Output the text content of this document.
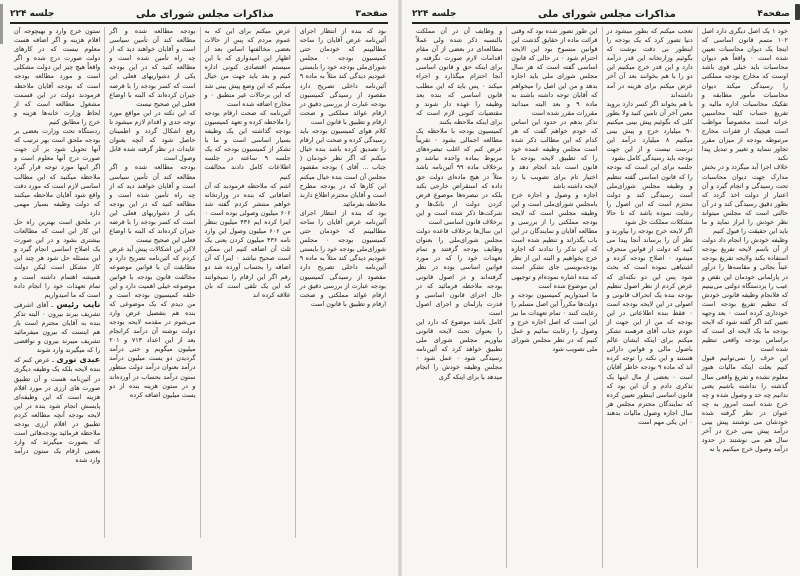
صفحه۳
مذاکرات مجلس شورای ملی
جلسه ۲۲۴

بود که بنده از انتظار اجرای آئین‌نامه عرض آقایان را ساحه مطالبینم که خودمان حتی کمیسیون بودجه ۰ مجلس شورای‌ملی بودجه خود را بایستی عبودیم دیدگی کند مثلاً به ماده ۹ آئین‌نامه داخلی تصریح دارد مقصود از رسیدگی کمیسیون بودجه عبارت از بررسی دقیق در ارقام عوائد مملکتی و صحت ارقام و تطبیق با قانون است

کلام هوای کمیسیون بودجه باید رسیدگی کرده و صحت این ارقام را تصدیق کرده باشد بنده خیال میکنم که اگر نظر خودمان ( جناب ... آقای ) بودجه مقصود مجلس آن است بنده خیال میکنم این کارها که در بودجه مطرح است و آقایان محترم اطلاع دارند ملاحظه بفرمائید

بود که بنده از انتظار اجرای آئین‌نامه عرض آقایان را ساحه مطالبینم که خودمان حتی کمیسیون بودجه ۰ مجلس شورای‌ملی بودجه خود را بایستی عبودیم دیدگی کند مثلاً به ماده ۹ آئین‌نامه داخلی تصریح دارد مقصود از رسیدگی کمیسیون بودجه عبارت از بررسی دقیق در ارقام عوائد مملکتی و صحت ارقام و تطبیق با قانون است

عرض میکنم برای این که به عموم مردم که پس از حالات بعضی مخالفتها اساس بعد از اظهار این امیدواری که با این سیستم اقتصادی کنونی اداره کنیم و بعد باید جهت من خیال میکنم که این وضع پیش بینی شد که این برحالات غیر منطبق ۰ و مخارج اضافه شده است

آئین‌نامه که صحت ارقام بودجه را ملاحظه کرده و تعهد کمیسیون بودجه گذاشته این یک وظیفه بسیار اساسی است و ما با تشکر از کمیسیون بودجه که یک جلسه ۹ ساعته در جلسه اطلاعات کامل دادند مخالفت کنیم

اشم که ملاحظه فرمودید که آن اضافاتی که بنده در وزارتخانه خواهم منتشر کردم گفته شد ۶۰۶ میلیون وصولی بوده است ۰ اینرا کرده ایم ۴۳۶ میلیون بنظر من ۶۰۶ میلیون وصول این وارد نامه ۴۳۶ میلیون کردن یعنی یک ثلث آن اضافه کنیم این ممکن است صحیح نباشد ۰ اینرا که آن اضافه را بحساب آورده شد دو رقم اگر این ارقام را نمیخوانند که این یک تلقی است که بان علاقه کرده اند

بودجه مطالعه شده و اگر مطالعه کند آن تأمین سیاسی است و آقایان خواهند دید که از چه راه تأمین شده است و مطالعه کنید که در این بودجه یکی از دشواریهای فعلی این است که کسر بودجه را با قرضه جبران کرده‌اند که البته با اوضاع فعلی این صحیح نیست

که این نکته در این مواقع مورد توجه جدی و اقدام لازم میشود تا رفع اشکال گردد و اطمینان حاصل شود که آنچه بعنوان عایدات در نظر گرفته شده قابل وصول است

بودجه مطالعه شده و اگر مطالعه کند آن تأمین سیاسی است و آقایان خواهند دید که از چه راه تأمین شده است و مطالعه کنید که در این بودجه یکی از دشواریهای فعلی این است که کسر بودجه را با قرضه جبران کرده‌اند که البته با اوضاع فعلی این صحیح نیست

لاکن این اشکالات پیش آید عرض کردم که آئین‌نامه تصریح دارد و مطابقت آن با قوانین موضوعه مخالفت قانون بودجه با قوانین موضوعه خیلی اهمیت دارد و این حلقه کمیسیون بودجه است و من دیدم که یک موضوعی که بنده هم بتفصیل عرض وارد می‌شوم در مقدمه لایحه بودجه دولت نوشته آن درآمد کرانجام بعد از این اعداد ۷۱۳ و ۲۰۱ میلیون میگویم و حتی درآمد گردیدن دو یست میلیون درآمد درآمد بعنوان درآمد دولت منظور ستون درآمد بحساب در آورده‌اند و در ستون هزینه بنده از دو یست میلیون اضافه کرده

ستون خرج وارد و بهیچوجه آن اقلام هزینه و اگر اضافه هست معلوم نیست که در کارهای دولت صورت درج شده و اگر واقعاً هیچ چیز این دولت مشکلی است و مورد مطالعه بودجه است که بودجه آقایان ملاحظه فرمودند دولت در این قسمت مشغول مطالعه است که از لحاظ وزارت خانه‌ها هزینه و خرج را مطابق کنیم

ردستگاه تحت وزارت بعضی بر بودجه ملحق است بهر ترتیب که آنها تحویل شود بر آن جهت صورت درج آنها معلوم است و اگر اینها مورد توجه قرار گیرد ملاحظه میکنید که این مطالب اساسی لازم است که مورد دقت واقع شود آقایان ملاحظه میکنند که دولت وظیفه بسیار مهمی دارد

در ملحق است بهترین راه حل این کار این است که مطالعات بیشتری بشود و در این صورت یک اصلاح اساسی انجام گیرد و این مسئله حل شود هر چند این کار مشکل است لیکن دولت همیشه اهتمام داشته است و تمام تعهدات خود را انجام داده است که ما امیدواریم

نایب رئیس ـ آقای اشرفی تشریف ببرند بیرون ۰ البته تذکر بنده به آقایان محترم است باز هم اینست که بیرون میفرمائید تشریف میبرند بیرون و نواقصی را که میگیرند وارد شوند

عبدی نوری ـ عرض کنم که بنده لایحه بلکه یک وظیفه دیگری در آئین‌نامه هست و آن تطبیق صورت های ارزی در مورد اقلام هزینه است که این وظیفه‌ای پایسش انجام شود بنده در این لایحه بودجه آنچه مطالعه کردم تطبیق در اقلام ارزی بودجه ملاحظه فرمائید بودجه‌هائی است که بصورت میگیرند که وارد بعضی ارقام یک ستون درآمد وارد شده

صفحه۴
مذاکرات مجلس شورای ملی
جلسه ۲۲۴

خود ۱ یک اصل دیگری دارد اصل ۱۰۲ متمم قانون اساسی که اینجا یک دیوان محاسبات تعیین شده است ۰ واقعاً هم دیوان محاسبات باید خیلی قوی باشد اوست که مخارج بودجه مملکتی را رسیدگی میکند دیوان محاسبات مأمور مطابقه و تفکیک محاسبات اداره مالیه و تفریغ حساب کلیه محاسبین خزانه است مخصوصاً مواظب است هیچیک از فقرات مخارج مرتبوطه بودجه از میزان مقرر تجاوز ننماید و تغییر و تبدیل پیدا نکند

خلاف اجرا آید میگردد و در بخش مدارک جهت دیوان محاسبات تحت رسیدگی و انجام گیرد و آن اعتبار از دولت اخذ گردد که بطور دقیق رسیدگی کند و در آن حالتی است که مجلس میتواند نظر خودش را ابراز نماید و ما باید این حقیقت را قبول کنیم

وظیفه خودش را انجام داد دولت از آن باسم لایحه تفریغ بودجه استفاده بکند ولایحه تفریغ بودجه عیناً بجائی و مقاسه‌ها را درآور در پارلمانی خودمان این نقص و عیب را بردستگاه دولتی می‌بینیم که فلانجام وظیفه قانونی خودش که تنظیم تفریغ بودجه است خودداری کرده است ۰ بعد وجهه تعیین کند اگر گفته شود که لایحه بودجه ما یک لایحه ای است که براساس بودجه واقعی تنظیم شده است

این حرف را نمی‌توانیم قبول کنیم بعلت اینکه مالیات هنوز معلوم نشده و تفریغ واقعی سال گذشته را نداشته باشیم یعنی ندانیم چه حد و وصول شده و چه خرج شده است امروز به چه عنوان در نظر گرفته شده خودشان می نوشتند پیش بینی درآمد پیش بینی خرج در آخر سال هم می نوشتند در حدود درآمد وصول خرج میکنیم یا نه

تعجب میکنم که بطور میشود در دنیا تصور کرد که یک بودجه را اینطور بی دقت نوشت که بگوئیم وزارتخانه این قدر درآمد دارد و این قدر خرج میکنیم این دو را با هم بخوانند بعد آن آخر عرض میکنم برای هزینه در آمد داشته‌اند

با هم بخواند اگر کسر دارد بروید معین آخر آن تامین کنید ولا بطور کلی که بگوئیم پیش بینی میکنیم ۹۰ میلیارد خرج و پیش بینی میکنیم ۸ میلیارد درآمد این درست نیست و از این جهت بودجه باید رسیدگی کامل بشود

جلسه برای این است که بودجه را که قانون اساسی گفته تنظیم و وظیفه مجلس شورای‌ملی است رسیدگی کند و دولت محترم است که این اصول را رعایت نموده باشد که تا حالا مشکلات مملکت حل شود

اگر لایحه خرج بودجه را بیاورند و نظر آن را برساند آنجا پیدا می کنید که دولت از قوانین منحرف میشود ۰ اصلاح بودجه کرده و اشتباهی نموده است که بحث شود پس این دو نکته‌ای که عرض کردم از نظر اصول تنظیم بودجه بنده یک انحراف قانونی و اصولی در این لایحه بودجه است ۰ فقط بنده اطلاعاتی در این بودجه که من از این جهت از خودم جناب آقای فرهمند تشکر میکنم برای اینکه ایشان عالم باصول مالی و قوانین دارائی هستند و این نکته را توجه کرده اند که ماده ۹ بودجه خاطر آقایان است ۰ بعضی از مال اینها یک تذکری دادم و آن این بود که قانون اساسی اینطور تعیین کرده که نمایندگان محترم مجلس هر سال اجازه وصول مالیات بدهند ۰ این یکی مهم است

این طور تصور شده بود که وقتی قرائت ماده از حقایق گذشت این قوانین منسوخ بود این الایحه احترام شود ۰ در حالی که قانون اساسی گفته است که هر سال مجلس شورای ملی باید اجازه بدهد و من این اصل را میخواهم که آقایان توجه داشته باشند به ماده ۹ و بعد البته میدانید مقررات مقرر شده است

تذکر بدهم در حدود این اساس که خودم خواهم گفت که هر کدام که این مطالب ذکر شده است مجلس وظیفه عمده خود را که تطبیق لایحه بودجه با قانون است باید انجام دهد و اختیار تام برای تصویب یا رد لایحه داشته باشد

اجازه و وصول و اجازه خرج بامجلس شورای‌ملی است و این وظیفه مجلس است که لایحه بودجه مملکتی را از بررسی و مطالعه آقایان و نمایندگان در این باب بگذراند و تنظیم شده است که این تذکر را ندادند که اجازه خرج بخواهیم و البته این از نظر بودجه‌نویسی جای تشکر است که بنده اشاره نموده‌ام و توجیهی این موضوع شده است

ما امیدواریم کمیسیون بودجه و دولت‌ها مکرراً این اصل مسلم را رعایت کنند ۰ تمام تعهدات ما نیز این است که اصل اجازه خرج و وصول را رعایت نمائیم و عمل کنیم که در نظر مجلس شورای ملی تصویب شود

و وظایف آن در آن مملکت بالنسبه ذکر شده ولی عملاً مطالعه‌ای در بعضی از آن مقام اقدامات لازم صورت نگرفته و برای اینکه حق و قانون اساسی آنجا احترام میگذارد و اجراء میکند ۰ پس باید که این مطلب قانون اساسی که بنده بعد وظیفه را عهده دار شوند و مقتضیات کنونی لازم است که برای اینکه ملاحظه بکنند

کمیسیون بودجه با ملاحظه یک مطالعه اجمالی بشود ۰ تقریباً عرض کنم که اغلب تبصره‌های مربوط بماده واحده نباشد و برخلاف ماده ۹۹ آئین‌نامه باشد مثلاً در هیچ ماده‌ای دولت حق داده که استقراض خارجی بکند بلکه در تبصره‌ها موضوع قرض کردن دولت از بانک‌ها و شرکت‌ها ذکر شده است و این برخلاف قانون اساسی است

این سال‌ها برخلاف قاعده دولت مجلس شورای‌ملی را بعنوان وظایف بودجه گرفتند و تمام تعهدات خود را که در مورد قوانین اساسی بوده در نظر گرفته‌اند و در اصول قانونی بودجه ملاحظه فرمائید که در حال اجرای قانون اساسی و قدرت پارلمان و اجرای اصول است

کامل باشد موضوع که دارد این را بعنوان تحت لایحه قانونی بیاوریم مجلس شورای ملی تطبیق خواهد کرد که آئین‌نامه رسیدگی شود ۰ عمل شود ۰ مجلس وظیفه خودش را انجام میدهد یا برای اینکه گری
